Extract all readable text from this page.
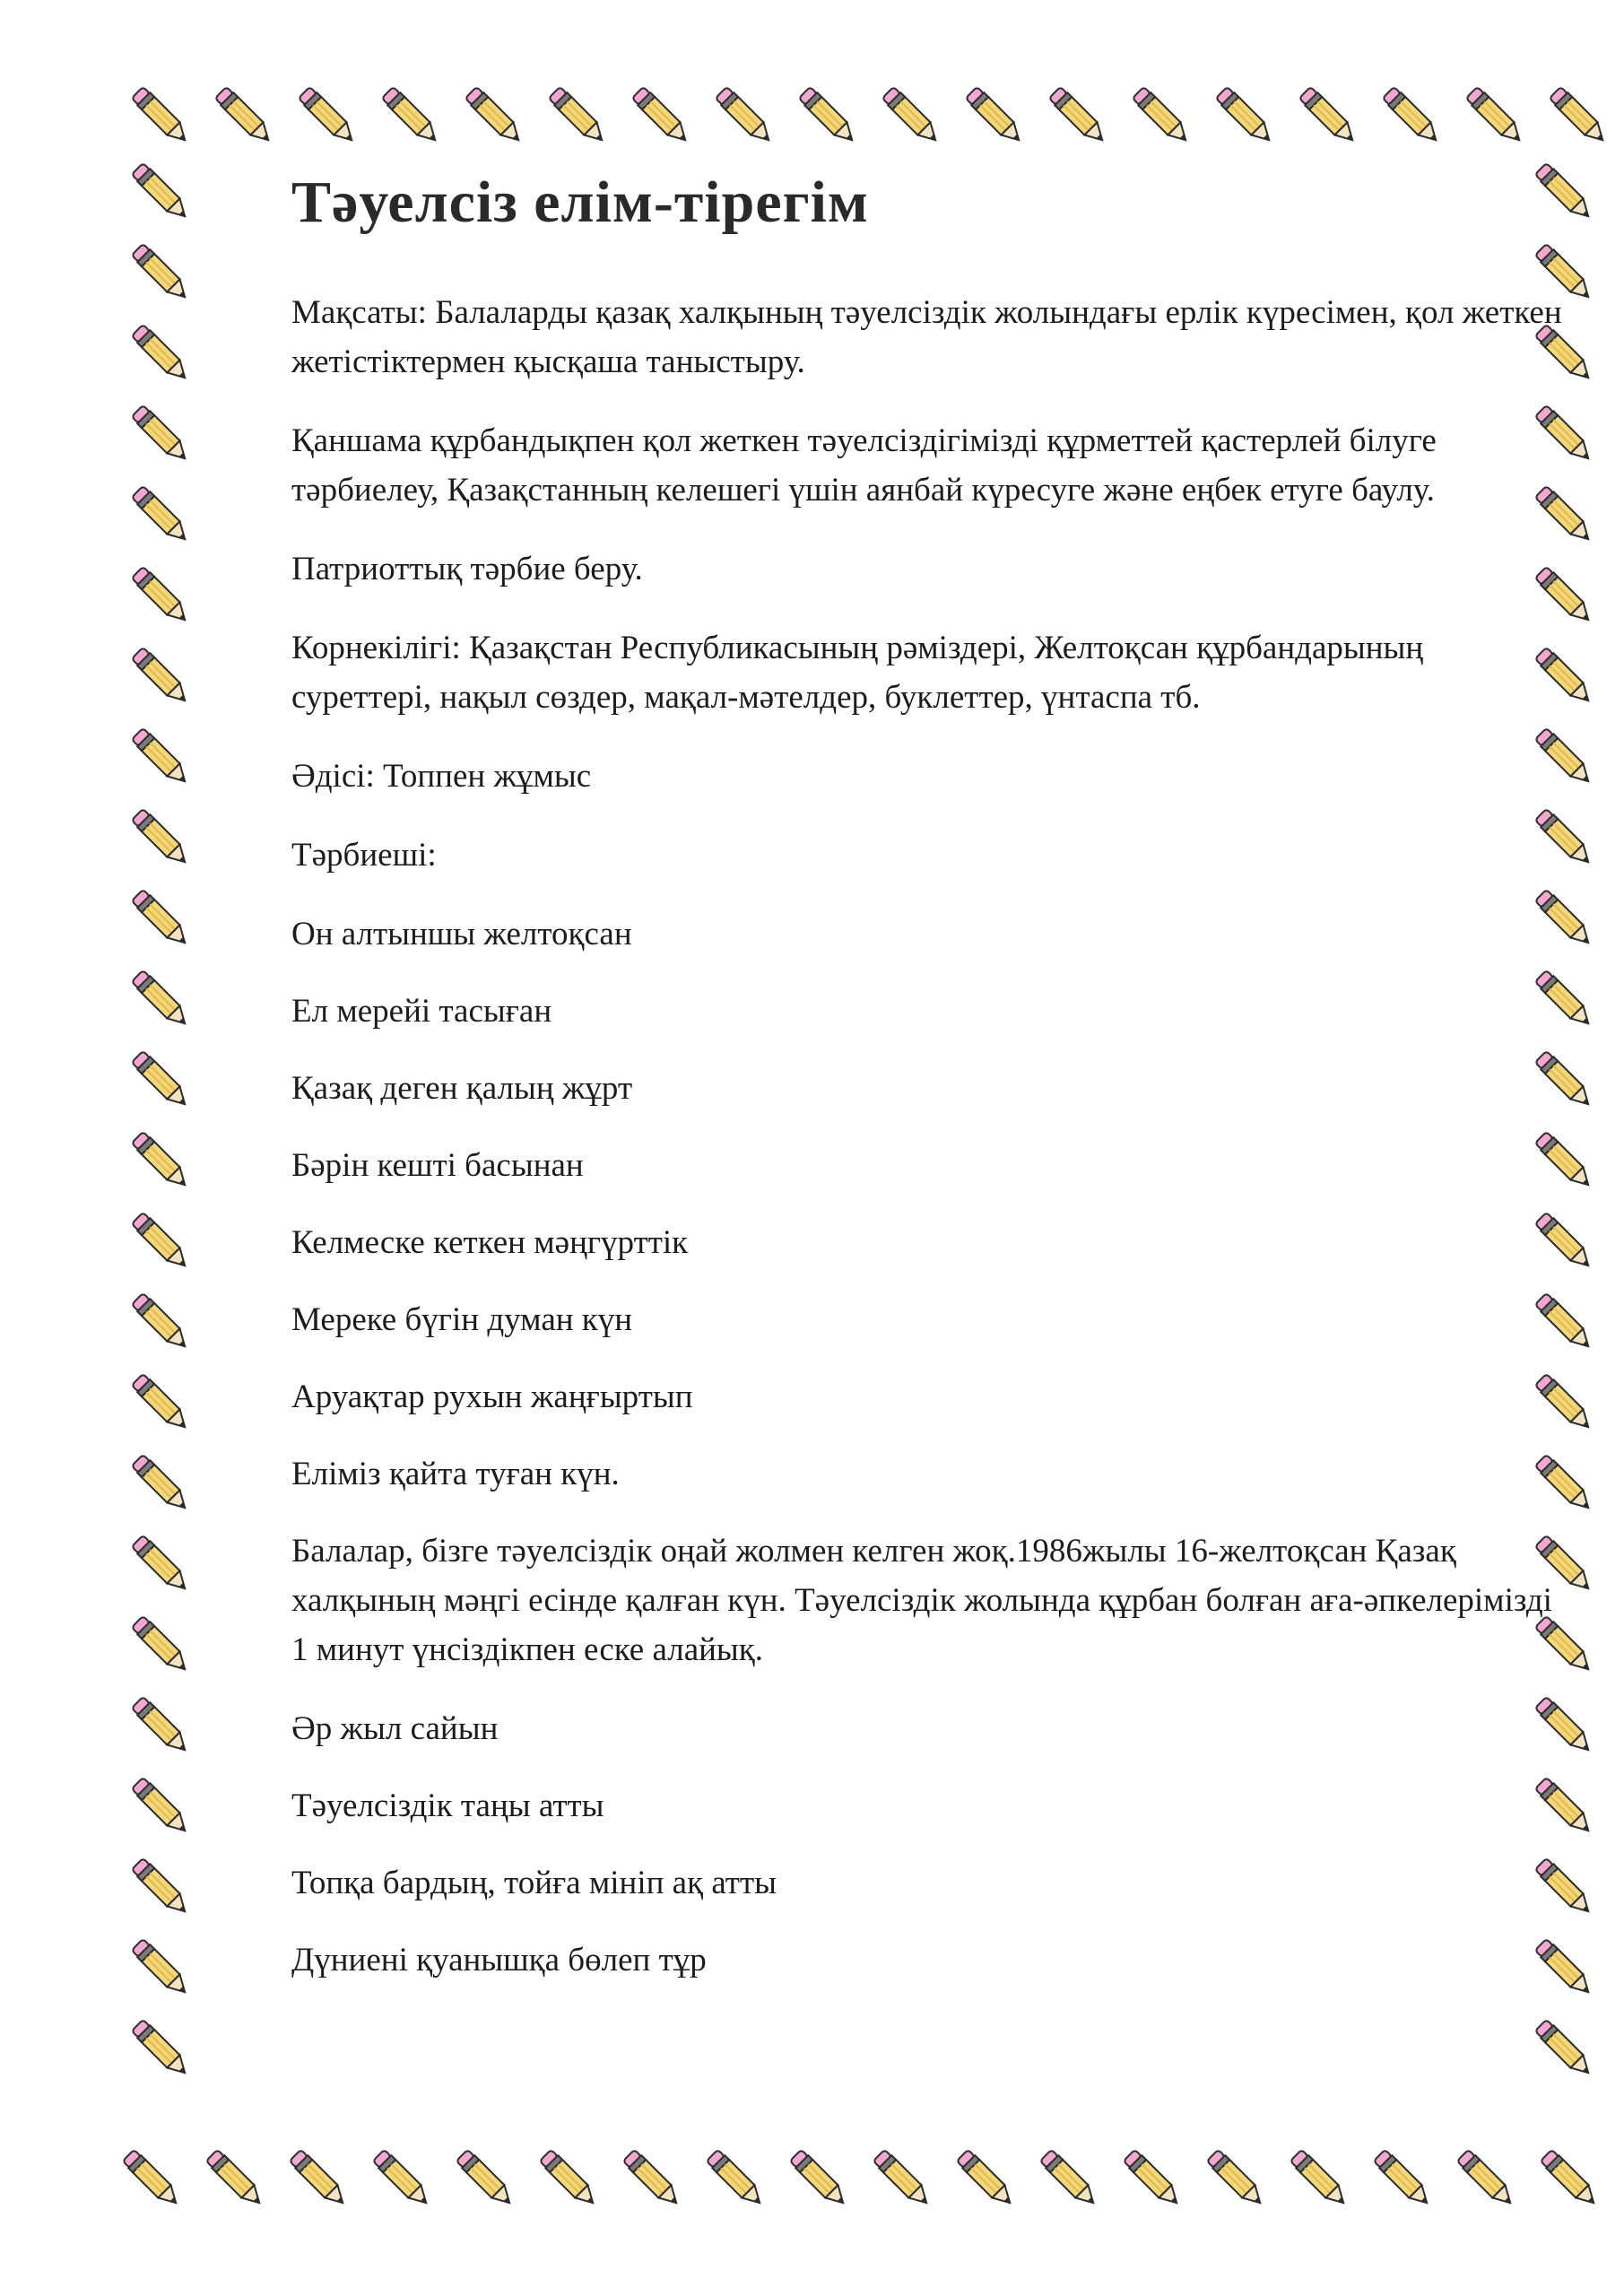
Тәуелсіз елім-тірегім

Мақсаты: Балаларды қазақ халқының тәуелсіздік жолындағы ерлік күресімен, қол жеткен жетістіктермен қысқаша таныстыру.

Қаншама құрбандықпен қол жеткен тәуелсіздігімізді құрметтей қастерлей білуге тәрбиелеу, Қазақстанның келешегі үшін аянбай күресуге және еңбек етуге баулу.

Патриоттық тәрбие беру.

Корнекілігі: Қазақстан Республикасының рәміздері, Желтоқсан құрбандарының суреттері, нақыл сөздер, мақал-мәтелдер, буклеттер, үнтаспа тб.

Әдісі: Топпен жұмыс

Тәрбиеші:

Он алтыншы желтоқсан

Ел мерейі тасыған

Қазақ деген қалың жұрт

Бәрін кешті басынан

Келмеске кеткен мәңгүрттік

Мереке бүгін думан күн

Аруақтар рухын жаңғыртып

Еліміз қайта туған күн.

Балалар, бізге тәуелсіздік оңай жолмен келген жоқ.1986жылы 16-желтоқсан Қазақ халқының мәңгі есінде қалған күн. Тәуелсіздік жолында құрбан болған аға-әпкелерімізді 1 минут үнсіздікпен еске алайық.

Әр жыл сайын

Тәуелсіздік таңы атты

Топқа бардың, тойға мініп ақ атты

Дүниені қуанышқа бөлеп тұр
